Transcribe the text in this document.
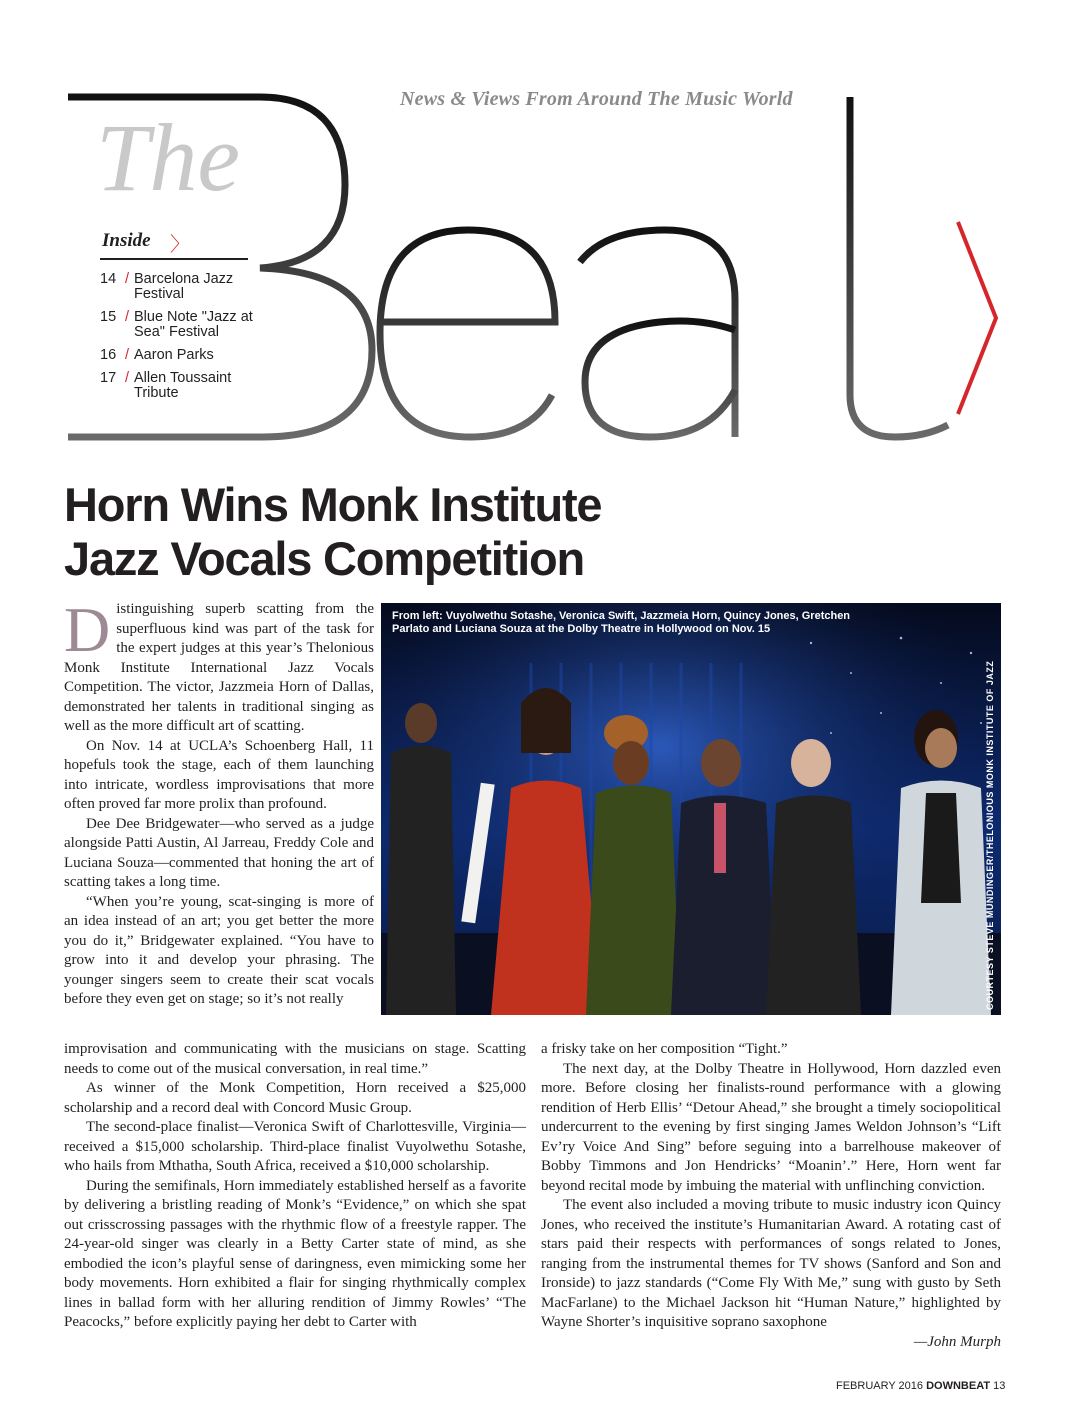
News & Views From Around The Music World
The
Inside 〉
14 / Barcelona Jazz Festival
15 / Blue Note "Jazz at Sea" Festival
16 / Aaron Parks
17 / Allen Toussaint Tribute
Horn Wins Monk Institute
Jazz Vocals Competition
From left: Vuyolwethu Sotashe, Veronica Swift, Jazzmeia Horn, Quincy Jones, Gretchen Parlato and Luciana Souza at the Dolby Theatre in Hollywood on Nov. 15
COURTESY STEVE MUNDINGER/THELONIOUS MONK INSTITUTE OF JAZZ
D istinguishing superb scatting from the superfluous kind was part of the task for the expert judges at this year’s Thelonious Monk Institute International Jazz Vocals Competition. The victor, Jazzmeia Horn of Dallas, demonstrated her talents in traditional singing as well as the more difficult art of scatting.

On Nov. 14 at UCLA’s Schoenberg Hall, 11 hopefuls took the stage, each of them launching into intricate, wordless improvisations that more often proved far more prolix than profound.

Dee Dee Bridgewater—who served as a judge alongside Patti Austin, Al Jarreau, Freddy Cole and Luciana Souza—commented that honing the art of scatting takes a long time.

“When you’re young, scat-singing is more of an idea instead of an art; you get better the more you do it,” Bridgewater explained. “You have to grow into it and develop your phrasing. The younger singers seem to create their scat vocals before they even get on stage; so it’s not really

improvisation and communicating with the musicians on stage. Scatting needs to come out of the musical conversation, in real time.”

As winner of the Monk Competition, Horn received a $25,000 scholarship and a record deal with Concord Music Group.

The second-place finalist—Veronica Swift of Charlottesville, Virginia—received a $15,000 scholarship. Third-place finalist Vuyolwethu Sotashe, who hails from Mthatha, South Africa, received a $10,000 scholarship.

During the semifinals, Horn immediately established herself as a favorite by delivering a bristling reading of Monk’s “Evidence,” on which she spat out crisscrossing passages with the rhythmic flow of a freestyle rapper. The 24-year-old singer was clearly in a Betty Carter state of mind, as she embodied the icon’s playful sense of daringness, even mimicking some her body movements. Horn exhibited a flair for singing rhythmically complex lines in ballad form with her alluring rendition of Jimmy Rowles’ “The Peacocks,” before explicitly paying her debt to Carter with

a frisky take on her composition “Tight.”

The next day, at the Dolby Theatre in Hollywood, Horn dazzled even more. Before closing her finalists-round performance with a glowing rendition of Herb Ellis’ “Detour Ahead,” she brought a timely sociopolitical undercurrent to the evening by first singing James Weldon Johnson’s “Lift Ev’ry Voice And Sing” before seguing into a barrelhouse makeover of Bobby Timmons and Jon Hendricks’ “Moanin’.” Here, Horn went far beyond recital mode by imbuing the material with unflinching conviction.

The event also included a moving tribute to music industry icon Quincy Jones, who received the institute’s Humanitarian Award. A rotating cast of stars paid their respects with performances of songs related to Jones, ranging from the instrumental themes for TV shows (Sanford and Son and Ironside) to jazz standards (“Come Fly With Me,” sung with gusto by Seth MacFarlane) to the Michael Jackson hit “Human Nature,” highlighted by Wayne Shorter’s inquisitive soprano saxophone

—John Murph

FEBRUARY 2016 DOWNBEAT 13
